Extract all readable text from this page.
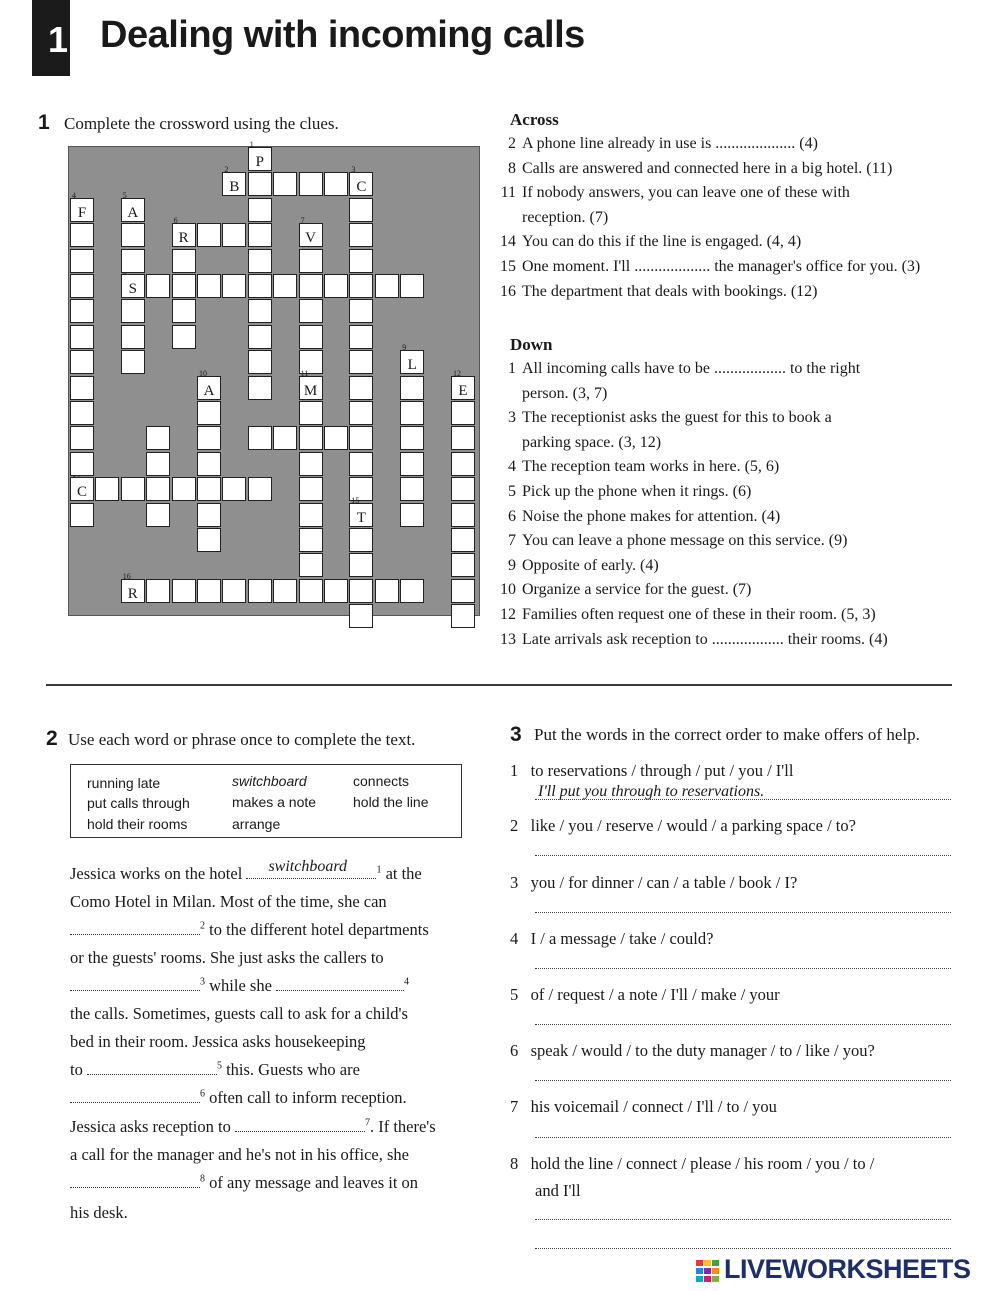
1 Dealing with incoming calls
1 Complete the crossword using the clues.
2
B
3
C
S
C
16
R
6
R
1
P
4
F
5
A	7
V
11
M
9
L
10
A
12
E
15
T
Across
2 A phone line already in use is .................... (4)
8 Calls are answered and connected here in a big hotel. (11)
11 If nobody answers, you can leave one of these with
reception. (7)
14 You can do this if the line is engaged. (4, 4)
15 One moment. I'll ................... the manager's office for you. (3)
16 The department that deals with bookings. (12)
Down
1 All incoming calls have to be .................. to the right
person. (3, 7)
3 The receptionist asks the guest for this to book a
parking space. (3, 12)
4 The reception team works in here. (5, 6)
5 Pick up the phone when it rings. (6)
6 Noise the phone makes for attention. (4)
7 You can leave a phone message on this service. (9)
9 Opposite of early. (4)
10 Organize a service for the guest. (7)
12 Families often request one of these in their room. (5, 3)
13 Late arrivals ask reception to .................. their rooms. (4)
2 Use each word or phrase once to complete the text.
running late	switchboard	connects
put calls through	makes a note	hold the line
hold their rooms	arrange
Jessica works on the hotel switchboard	$^1$ at the
Como Hotel in Milan. Most of the time, she can
$^2$ to the different hotel departments
or the guests' rooms. She just asks the callers to
$^3$ while she	$^4$
the calls. Sometimes, guests call to ask for a child's
bed in their room. Jessica asks housekeeping
to	$^5$ this. Guests who are
$^6$ often call to inform reception.
Jessica asks reception to	$^7$. If there's
a call for the manager and he's not in his office, she
$^8$ of any message and leaves it on
his desk.
3 Put the words in the correct order to make offers of help.
1 to reservations / through / put / you / I'll
I'll put you through to reservations.
2 like / you / reserve / would / a parking space / to?
3 you / for dinner / can / a table / book / I?
4 I / a message / take / could?
5 of / request / a note / I'll / make / your
6 speak / would / to the duty manager / to / like / you?
7 his voicemail / connect / I'll / to / you
8 hold the line / connect / please / his room / you / to /
and I'll
LIVEWORKSHEETS
